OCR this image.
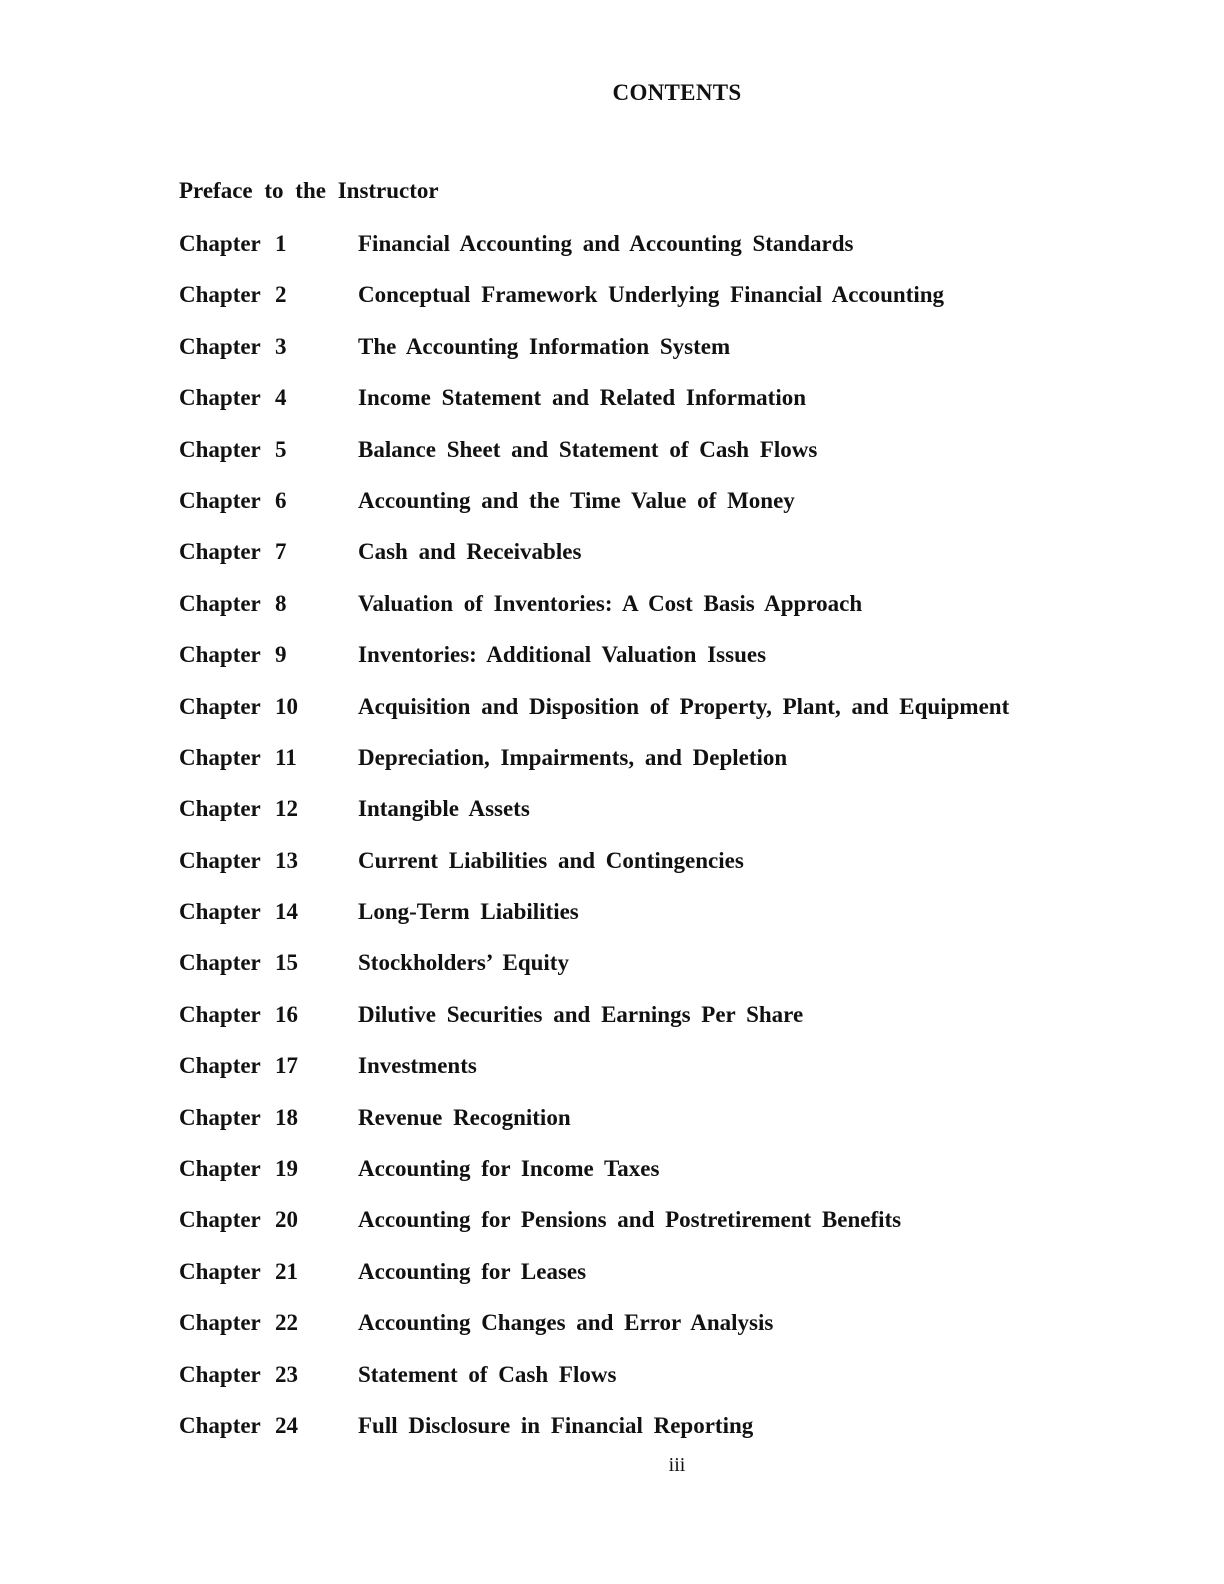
CONTENTS
Preface to the Instructor
Chapter 1	Financial Accounting and Accounting Standards
Chapter 2	Conceptual Framework Underlying Financial Accounting
Chapter 3	The Accounting Information System
Chapter 4	Income Statement and Related Information
Chapter 5	Balance Sheet and Statement of Cash Flows
Chapter 6	Accounting and the Time Value of Money
Chapter 7	Cash and Receivables
Chapter 8	Valuation of Inventories: A Cost Basis Approach
Chapter 9	Inventories: Additional Valuation Issues
Chapter 10	Acquisition and Disposition of Property, Plant, and Equipment
Chapter 11	Depreciation, Impairments, and Depletion
Chapter 12	Intangible Assets
Chapter 13	Current Liabilities and Contingencies
Chapter 14	Long-Term Liabilities
Chapter 15	Stockholders’ Equity
Chapter 16	Dilutive Securities and Earnings Per Share
Chapter 17	Investments
Chapter 18	Revenue Recognition
Chapter 19	Accounting for Income Taxes
Chapter 20	Accounting for Pensions and Postretirement Benefits
Chapter 21	Accounting for Leases
Chapter 22	Accounting Changes and Error Analysis
Chapter 23	Statement of Cash Flows
Chapter 24	Full Disclosure in Financial Reporting
iii
